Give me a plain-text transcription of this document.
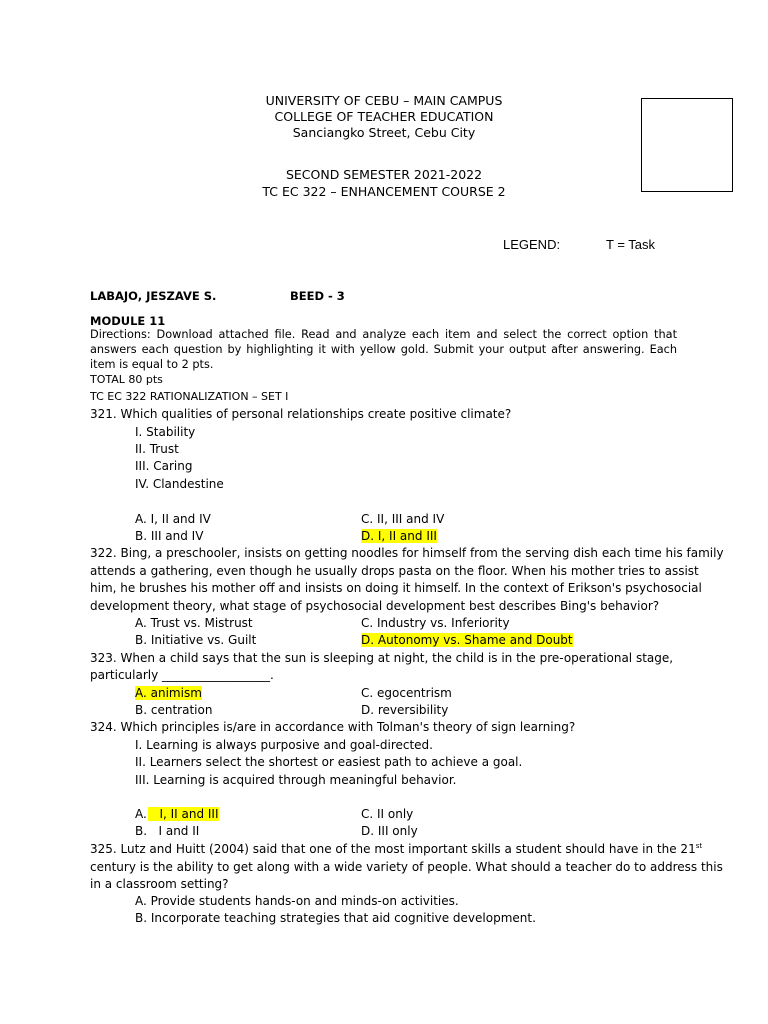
UNIVERSITY OF CEBU – MAIN CAMPUS
COLLEGE OF TEACHER EDUCATION
Sanciangko Street, Cebu City
SECOND SEMESTER 2021-2022
TC EC 322 – ENHANCEMENT COURSE 2
LEGEND:	T = Task
LABAJO, JESZAVE S.	BEED - 3
MODULE 11
Directions: Download attached file. Read and analyze each item and select the correct option that answers each question by highlighting it with yellow gold. Submit your output after answering. Each item is equal to 2 pts.
TOTAL 80 pts
TC EC 322 RATIONALIZATION – SET I
321. Which qualities of personal relationships create positive climate?
I. Stability
II. Trust
III. Caring
IV. Clandestine
A. I, II and IV
B. III and IV
C. II, III and IV
D. I, II and III
322. Bing, a preschooler, insists on getting noodles for himself from the serving dish each time his family
attends a gathering, even though he usually drops pasta on the floor. When his mother tries to assist
him, he brushes his mother off and insists on doing it himself. In the context of Erikson's psychosocial
development theory, what stage of psychosocial development best describes Bing's behavior?
A. Trust vs. Mistrust
B. Initiative vs. Guilt
C. Industry vs. Inferiority
D. Autonomy vs. Shame and Doubt
323. When a child says that the sun is sleeping at night, the child is in the pre-operational stage,
particularly __________________.
A. animism
B. centration
C. egocentrism
D. reversibility
324. Which principles is/are in accordance with Tolman's theory of sign learning?
I. Learning is always purposive and goal-directed.
II. Learners select the shortest or easiest path to achieve a goal.
III. Learning is acquired through meaningful behavior.
A. I, II and III
B.   I and II
C. II only
D. III only
325. Lutz and Huitt (2004) said that one of the most important skills a student should have in the 21st
century is the ability to get along with a wide variety of people. What should a teacher do to address this
in a classroom setting?
A. Provide students hands-on and minds-on activities.
B. Incorporate teaching strategies that aid cognitive development.
